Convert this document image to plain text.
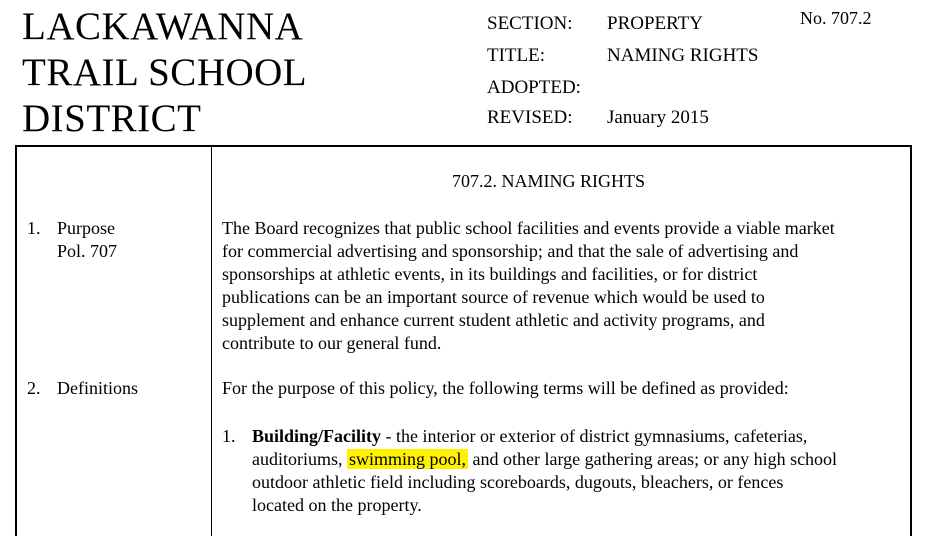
LACKAWANNA
TRAIL SCHOOL
DISTRICT
SECTION: PROPERTY
TITLE:	NAMING RIGHTS
ADOPTED:
REVISED: January 2015
No. 707.2
707.2. NAMING RIGHTS
1. Purpose
Pol. 707
The Board recognizes that public school facilities and events provide a viable market
for commercial advertising and sponsorship; and that the sale of advertising and
sponsorships at athletic events, in its buildings and facilities, or for district
publications can be an important source of revenue which would be used to
supplement and enhance current student athletic and activity programs, and
contribute to our general fund.
2. Definitions	For the purpose of this policy, the following terms will be defined as provided:
1. Building/Facility - the interior or exterior of district gymnasiums, cafeterias,
auditoriums, swimming pool, and other large gathering areas; or any high school
outdoor athletic field including scoreboards, dugouts, bleachers, or fences
located on the property.
